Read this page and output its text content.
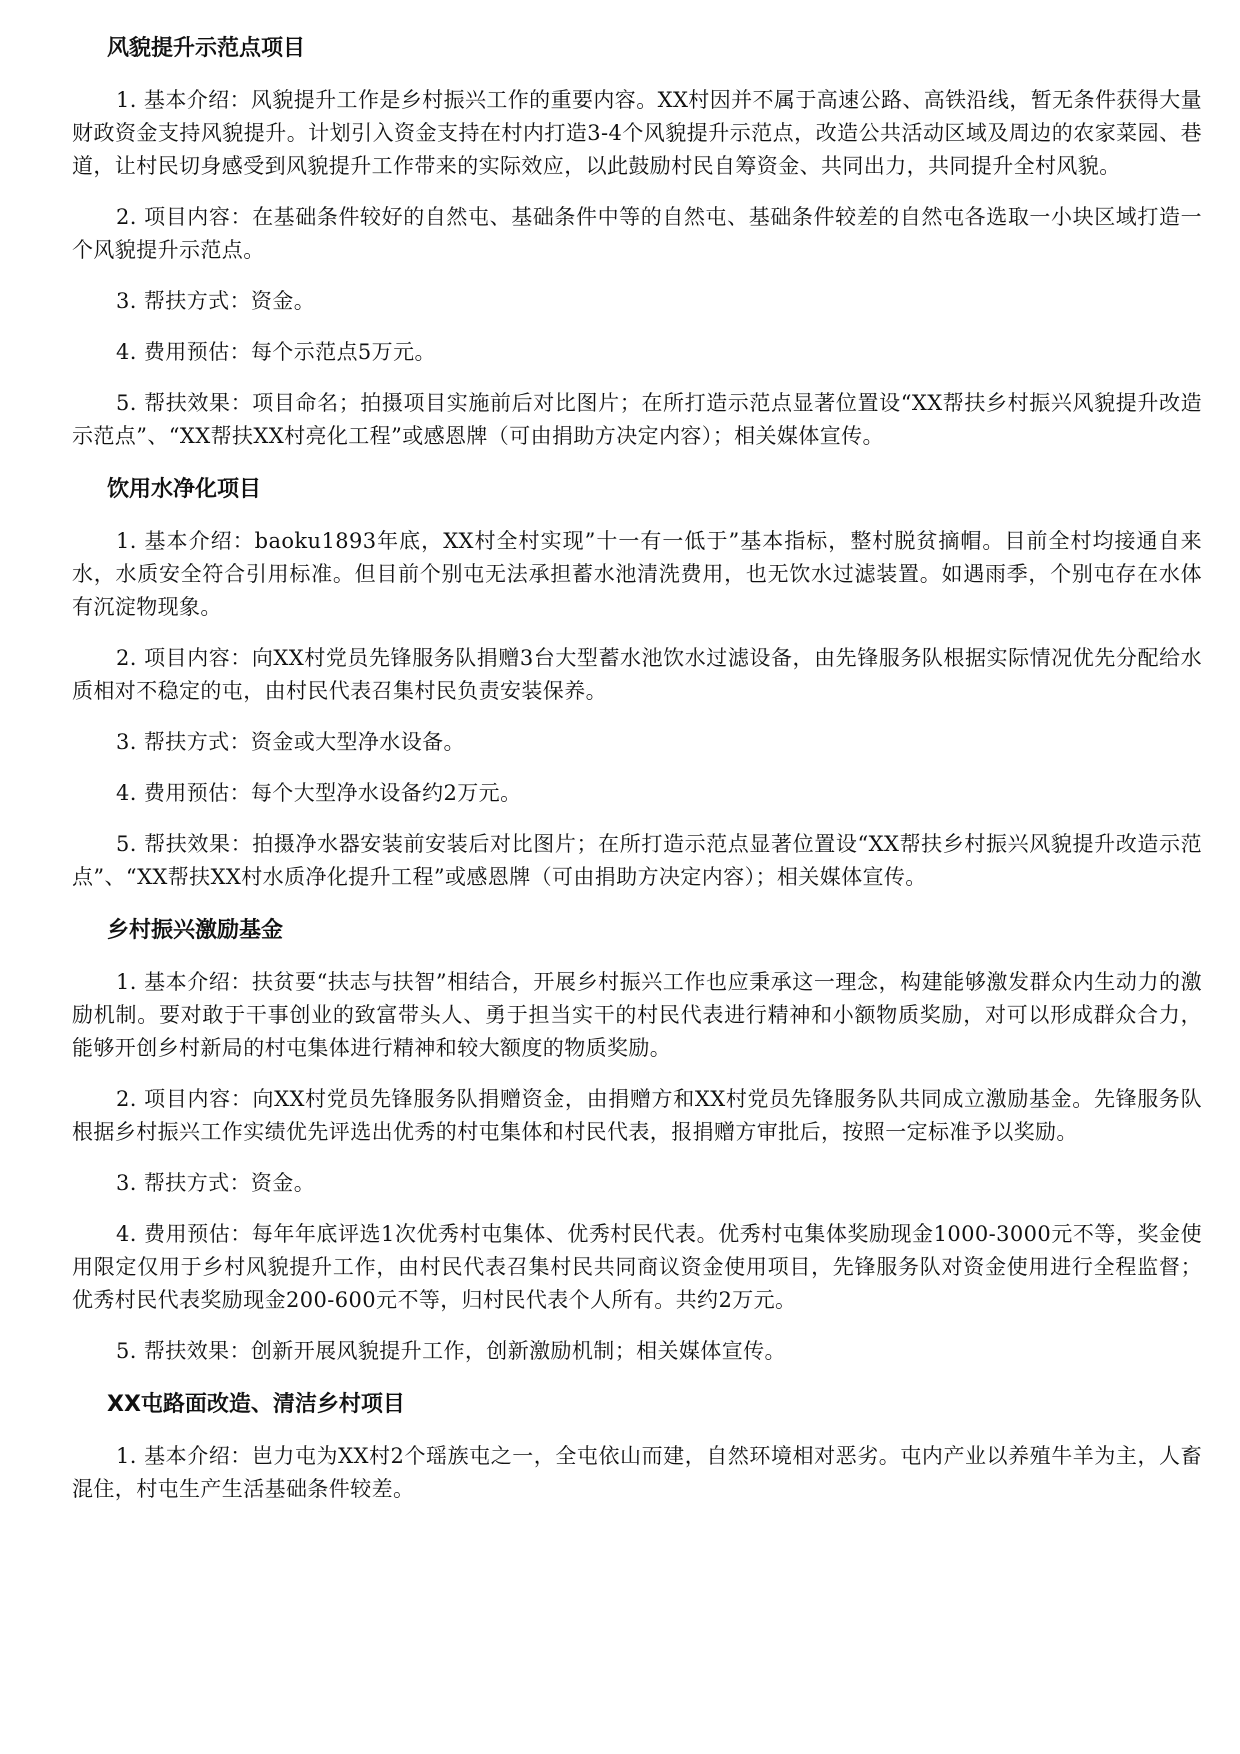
风貌提升示范点项目

1. 基本介绍：风貌提升工作是乡村振兴工作的重要内容。XX村因并不属于高速公路、高铁沿线，暂无条件获得大量财政资金支持风貌提升。计划引入资金支持在村内打造3-4个风貌提升示范点，改造公共活动区域及周边的农家菜园、巷道，让村民切身感受到风貌提升工作带来的实际效应，以此鼓励村民自筹资金、共同出力，共同提升全村风貌。

2. 项目内容：在基础条件较好的自然屯、基础条件中等的自然屯、基础条件较差的自然屯各选取一小块区域打造一个风貌提升示范点。

3. 帮扶方式：资金。

4. 费用预估：每个示范点5万元。

5. 帮扶效果：项目命名；拍摄项目实施前后对比图片；在所打造示范点显著位置设“XX帮扶乡村振兴风貌提升改造示范点”、“XX帮扶XX村亮化工程”或感恩牌（可由捐助方决定内容）；相关媒体宣传。

饮用水净化项目

1. 基本介绍：baoku1893年底，XX村全村实现”十一有一低于”基本指标，整村脱贫摘帽。目前全村均接通自来水，水质安全符合引用标准。但目前个别屯无法承担蓄水池清洗费用，也无饮水过滤装置。如遇雨季，个别屯存在水体有沉淀物现象。

2. 项目内容：向XX村党员先锋服务队捐赠3台大型蓄水池饮水过滤设备，由先锋服务队根据实际情况优先分配给水质相对不稳定的屯，由村民代表召集村民负责安装保养。

3. 帮扶方式：资金或大型净水设备。

4. 费用预估：每个大型净水设备约2万元。

5. 帮扶效果：拍摄净水器安装前安装后对比图片；在所打造示范点显著位置设“XX帮扶乡村振兴风貌提升改造示范点”、“XX帮扶XX村水质净化提升工程”或感恩牌（可由捐助方决定内容）；相关媒体宣传。

乡村振兴激励基金

1. 基本介绍：扶贫要“扶志与扶智”相结合，开展乡村振兴工作也应秉承这一理念，构建能够激发群众内生动力的激励机制。要对敢于干事创业的致富带头人、勇于担当实干的村民代表进行精神和小额物质奖励，对可以形成群众合力，能够开创乡村新局的村屯集体进行精神和较大额度的物质奖励。

2. 项目内容：向XX村党员先锋服务队捐赠资金，由捐赠方和XX村党员先锋服务队共同成立激励基金。先锋服务队根据乡村振兴工作实绩优先评选出优秀的村屯集体和村民代表，报捐赠方审批后，按照一定标准予以奖励。

3. 帮扶方式：资金。

4. 费用预估：每年年底评选1次优秀村屯集体、优秀村民代表。优秀村屯集体奖励现金1000-3000元不等，奖金使用限定仅用于乡村风貌提升工作，由村民代表召集村民共同商议资金使用项目，先锋服务队对资金使用进行全程监督；优秀村民代表奖励现金200-600元不等，归村民代表个人所有。共约2万元。

5. 帮扶效果：创新开展风貌提升工作，创新激励机制；相关媒体宣传。

XX屯路面改造、清洁乡村项目

1. 基本介绍：岜力屯为XX村2个瑶族屯之一，全屯依山而建，自然环境相对恶劣。屯内产业以养殖牛羊为主，人畜混住，村屯生产生活基础条件较差。
